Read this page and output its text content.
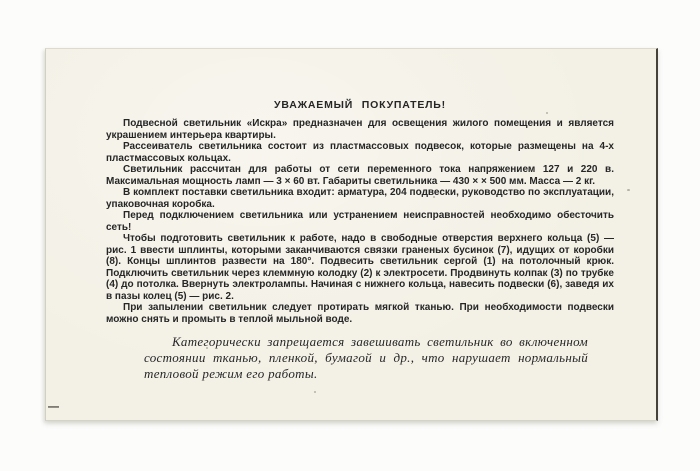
УВАЖАЕМЫЙ ПОКУПАТЕЛЬ!

Подвесной светильник «Искра» предназначен для освещения жилого помещения и является украшением интерьера квартиры.

Рассеиватель светильника состоит из пластмассовых подвесок, которые размещены на 4-х пластмассовых кольцах.

Светильник рассчитан для работы от сети переменного тока напряжением 127 и 220 в. Максимальная мощность ламп — 3 × 60 вт. Габариты светильника — 430 × × 500 мм. Масса — 2 кг.

В комплект поставки светильника входит: арматура, 204 подвески, руководство по эксплуатации, упаковочная коробка.

Перед подключением светильника или устранением неисправностей необходимо обесточить сеть!

Чтобы подготовить светильник к работе, надо в свободные отверстия верхнего кольца (5) — рис. 1 ввести шплинты, которыми заканчиваются связки граненых бусинок (7), идущих от коробки (8). Концы шплинтов развести на 180°. Подвесить светильник сергой (1) на потолочный крюк. Подключить светильник через клеммную колодку (2) к электросети. Продвинуть колпак (3) по трубке (4) до потолка. Ввернуть электролампы. Начиная с нижнего кольца, навесить подвески (6), заведя их в пазы колец (5) — рис. 2.

При запылении светильник следует протирать мягкой тканью. При необходимости подвески можно снять и промыть в теплой мыльной воде.

Категорически запрещается завешивать светильник во включенном состоянии тканью, пленкой, бумагой и др., что нарушает нормальный тепловой режим его работы.

—
